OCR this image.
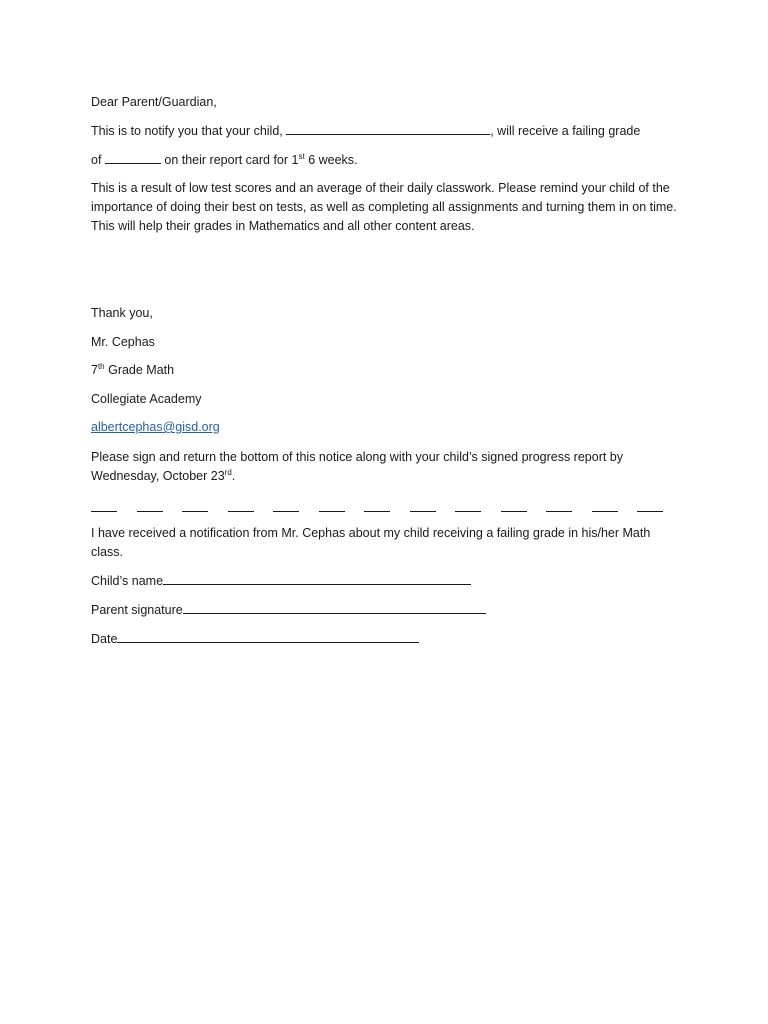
Dear Parent/Guardian,
This is to notify you that your child,	, will receive a failing grade
of	on their report card for 1st 6 weeks.
This is a result of low test scores and an average of their daily classwork. Please remind your child of the importance of doing their best on tests, as well as completing all assignments and turning them in on time. This will help their grades in Mathematics and all other content areas.
Thank you,
Mr. Cephas
7th Grade Math
Collegiate Academy
albertcephas@gisd.org
Please sign and return the bottom of this notice along with your child’s signed progress report by
Wednesday, October 23rd.
I have received a notification from Mr. Cephas about my child receiving a failing grade in his/her Math class.
Child’s name
Parent signature
Date
